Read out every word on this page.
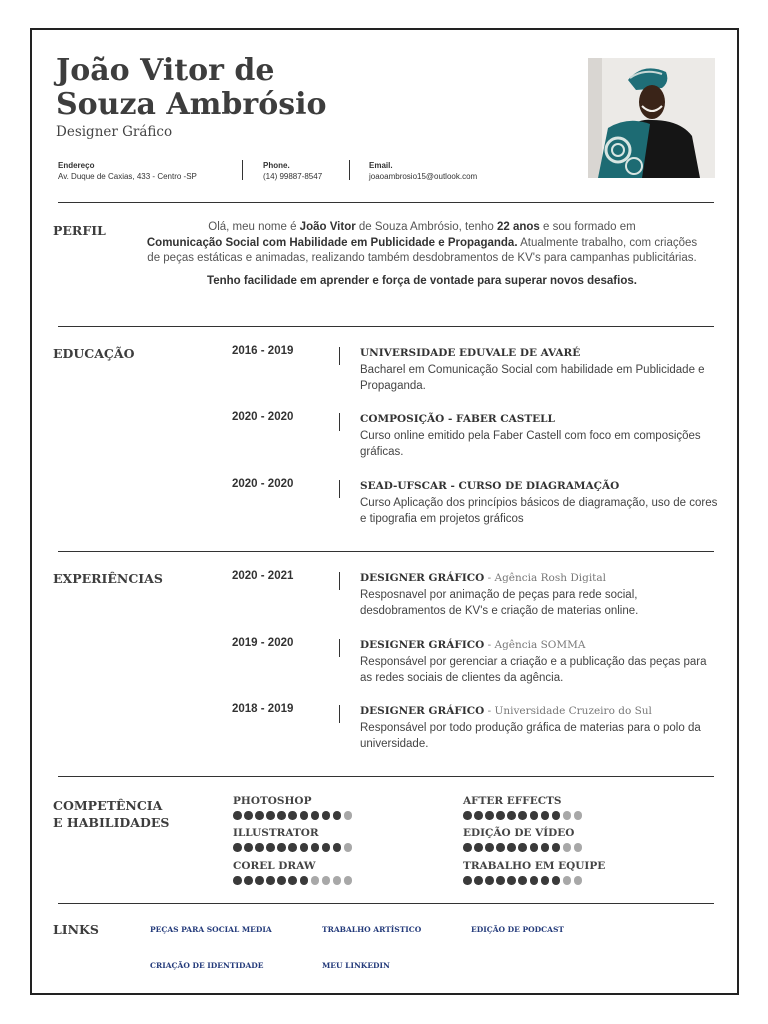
João Vitor de
Souza Ambrósio
Designer Gráfico
Endereço
Av. Duque de Caxias, 433 - Centro -SP
Phone.
(14) 99887-8547
Email.
joaoambrosio15@outlook.com
PERFIL	Olá, meu nome é João Vitor de Souza Ambrósio, tenho 22 anos e sou formado em
Comunicação Social com Habilidade em Publicidade e Propaganda. Atualmente trabalho, com criações de peças estáticas e animadas, realizando também desdobramentos de KV's para campanhas publicitárias.
Tenho facilidade em aprender e força de vontade para superar novos desafios.
EDUCAÇÃO	2016 - 2019	UNIVERSIDADE EDUVALE DE AVARÉ
Bacharel em Comunicação Social com habilidade em Publicidade e Propaganda.
2020 - 2020	COMPOSIÇÃO - FABER CASTELL
Curso online emitido pela Faber Castell com foco em composições gráficas.
2020 - 2020	SEAD-UFSCAR - CURSO DE DIAGRAMAÇÃO
Curso Aplicação dos princípios básicos de diagramação, uso de cores e tipografia em projetos gráficos
EXPERIÊNCIAS	2020 - 2021	DESIGNER GRÁFICO - Agência Rosh Digital
Resposnavel por animação de peças para rede social, desdobramentos de KV's e criação de materias online.
2019 - 2020	DESIGNER GRÁFICO - Agência SOMMA
Responsável por gerenciar a criação e a publicação das peças para as redes sociais de clientes da agência.
2018 - 2019	DESIGNER GRÁFICO - Universidade Cruzeiro do Sul
Responsável por todo produção gráfica de materias para o polo da universidade.
COMPETÊNCIA
E HABILIDADES
PHOTOSHOP	AFTER EFFECTS
ILLUSTRATOR	EDIÇÃO DE VÍDEO
COREL DRAW	TRABALHO EM EQUIPE
LINKS	PEÇAS PARA SOCIAL MEDIA	TRABALHO ARTÍSTICO	EDIÇÃO DE PODCAST
CRIAÇÃO DE IDENTIDADE	MEU LINKEDIN
